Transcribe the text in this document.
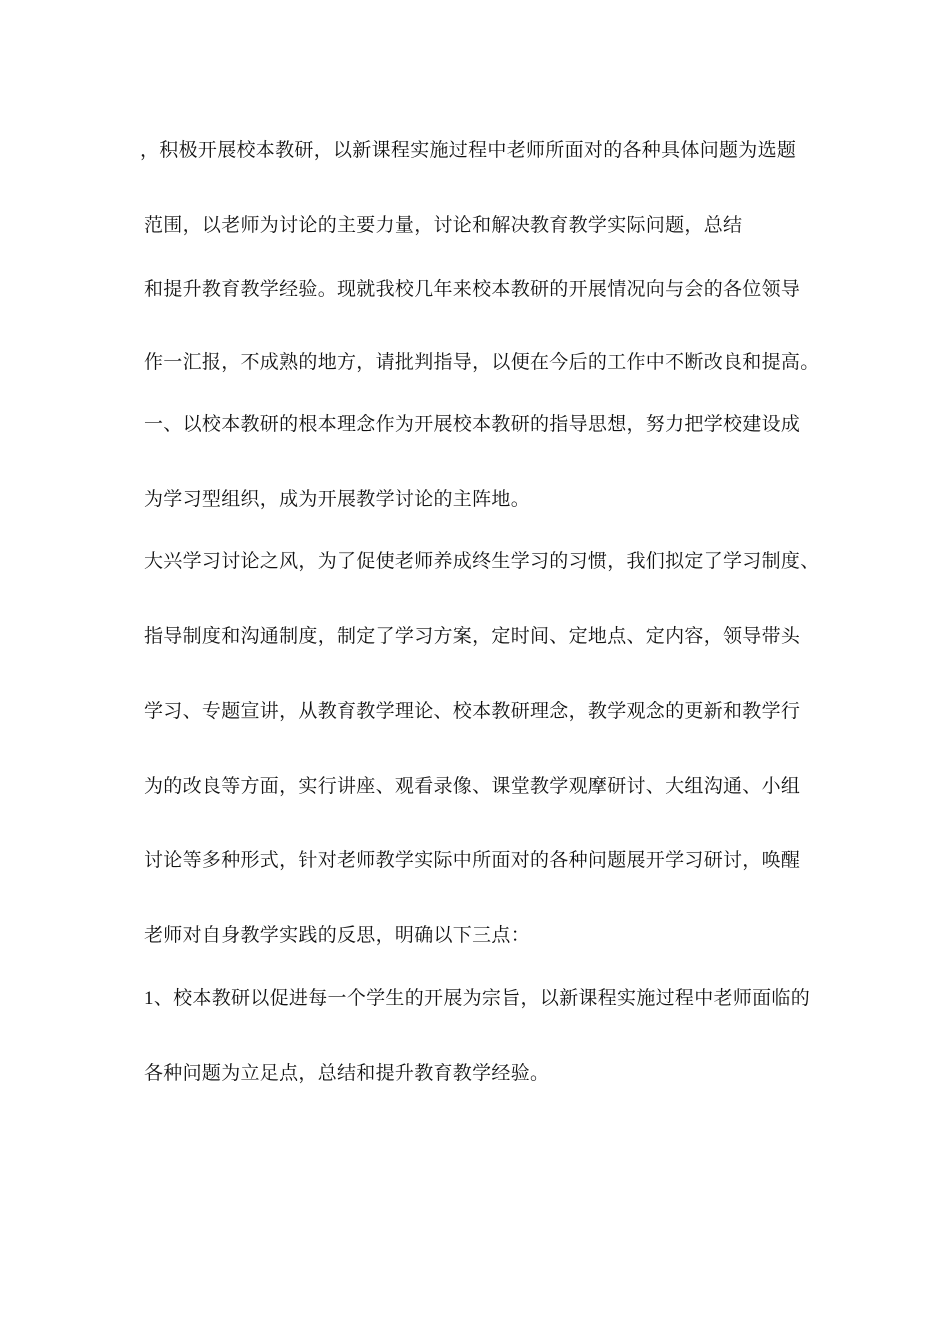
，积极开展校本教研，以新课程实施过程中老师所面对的各种具体问题为选题

范围，以老师为讨论的主要力量，讨论和解决教育教学实际问题，总结

和提升教育教学经验。现就我校几年来校本教研的开展情况向与会的各位领导

作一汇报，不成熟的地方，请批判指导，以便在今后的工作中不断改良和提高。

一、以校本教研的根本理念作为开展校本教研的指导思想，努力把学校建设成

为学习型组织，成为开展教学讨论的主阵地。

大兴学习讨论之风，为了促使老师养成终生学习的习惯，我们拟定了学习制度、

指导制度和沟通制度，制定了学习方案，定时间、定地点、定内容，领导带头

学习、专题宣讲，从教育教学理论、校本教研理念，教学观念的更新和教学行

为的改良等方面，实行讲座、观看录像、课堂教学观摩研讨、大组沟通、小组

讨论等多种形式，针对老师教学实际中所面对的各种问题展开学习研讨，唤醒

老师对自身教学实践的反思，明确以下三点：

1、校本教研以促进每一个学生的开展为宗旨，以新课程实施过程中老师面临的

各种问题为立足点，总结和提升教育教学经验。
